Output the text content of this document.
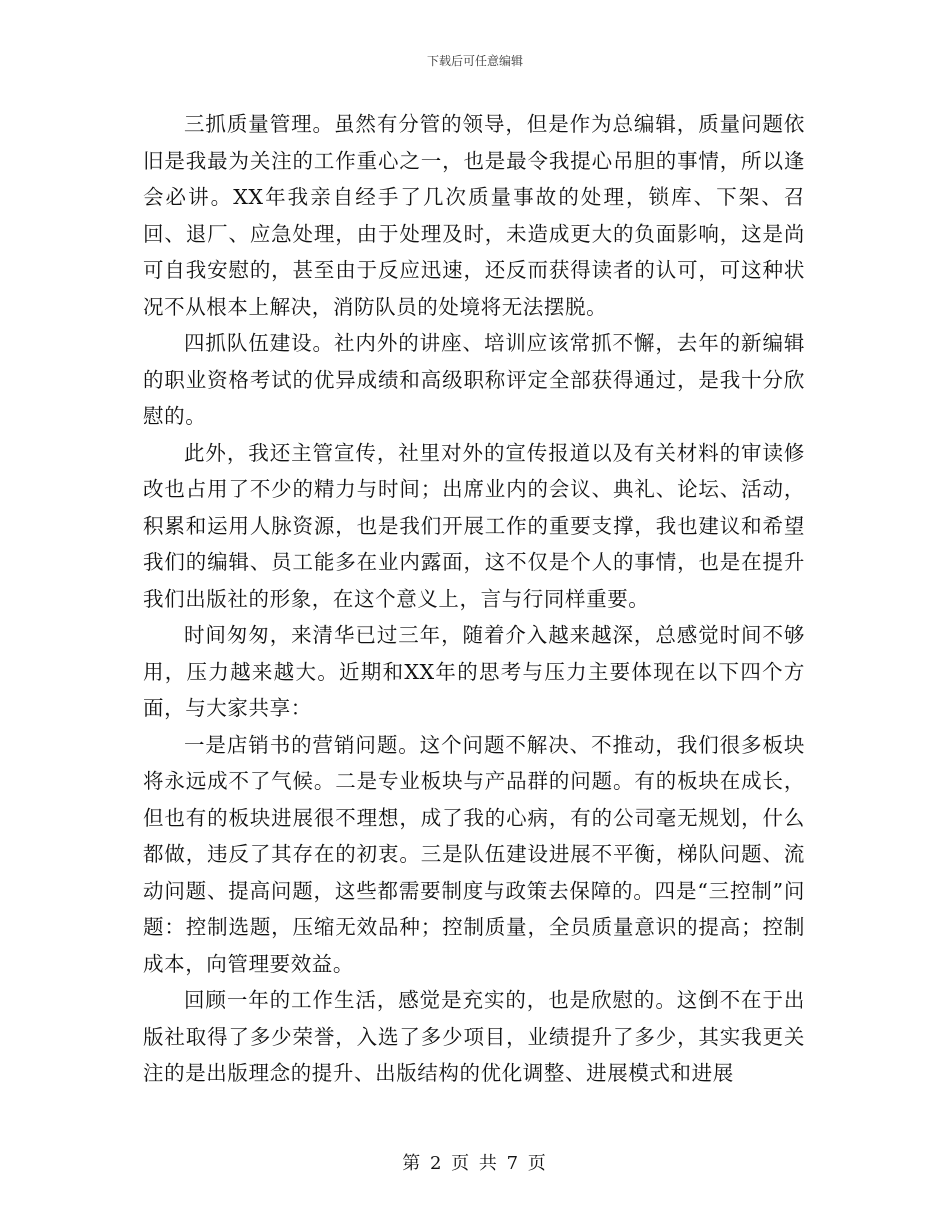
下载后可任意编辑

三抓质量管理。虽然有分管的领导，但是作为总编辑，质量问题依旧是我最为关注的工作重心之一，也是最令我提心吊胆的事情，所以逢会必讲。XX年我亲自经手了几次质量事故的处理，锁库、下架、召回、退厂、应急处理，由于处理及时，未造成更大的负面影响，这是尚可自我安慰的，甚至由于反应迅速，还反而获得读者的认可，可这种状况不从根本上解决，消防队员的处境将无法摆脱。

四抓队伍建设。社内外的讲座、培训应该常抓不懈，去年的新编辑的职业资格考试的优异成绩和高级职称评定全部获得通过，是我十分欣慰的。

此外，我还主管宣传，社里对外的宣传报道以及有关材料的审读修改也占用了不少的精力与时间；出席业内的会议、典礼、论坛、活动，积累和运用人脉资源，也是我们开展工作的重要支撑，我也建议和希望我们的编辑、员工能多在业内露面，这不仅是个人的事情，也是在提升我们出版社的形象，在这个意义上，言与行同样重要。

时间匆匆，来清华已过三年，随着介入越来越深，总感觉时间不够用，压力越来越大。近期和XX年的思考与压力主要体现在以下四个方面，与大家共享：

一是店销书的营销问题。这个问题不解决、不推动，我们很多板块将永远成不了气候。二是专业板块与产品群的问题。有的板块在成长，但也有的板块进展很不理想，成了我的心病，有的公司毫无规划，什么都做，违反了其存在的初衷。三是队伍建设进展不平衡，梯队问题、流动问题、提高问题，这些都需要制度与政策去保障的。四是“三控制”问题：控制选题，压缩无效品种；控制质量，全员质量意识的提高；控制成本，向管理要效益。

回顾一年的工作生活，感觉是充实的，也是欣慰的。这倒不在于出版社取得了多少荣誉，入选了多少项目，业绩提升了多少，其实我更关注的是出版理念的提升、出版结构的优化调整、进展模式和进展

第 2 页 共 7 页
